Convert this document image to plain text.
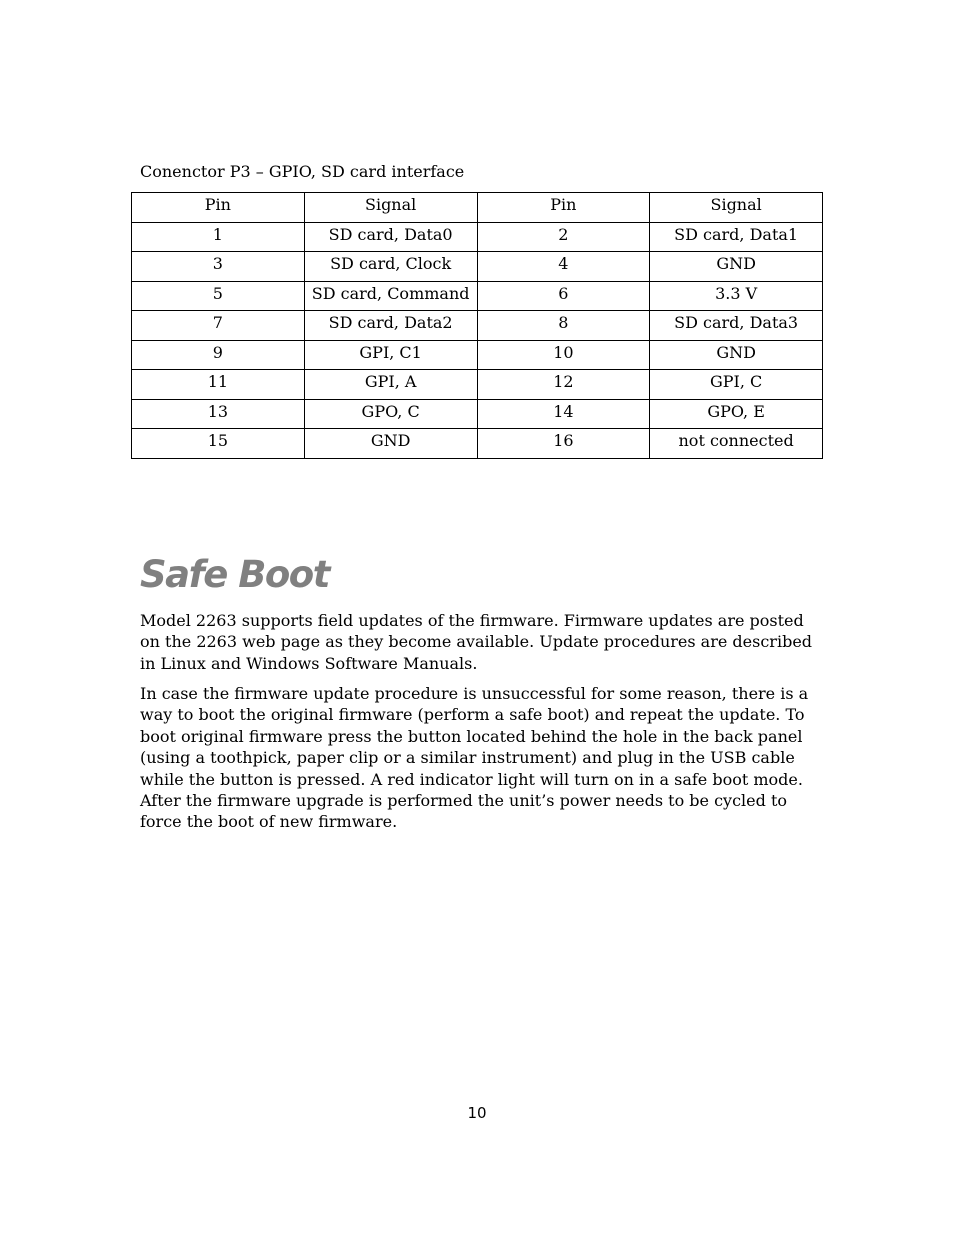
Conenctor P3 – GPIO, SD card interface
Pin	Signal	Pin	Signal

1	SD card, Data0	2	SD card, Data1

3	SD card, Clock	4	GND

5	SD card, Command	6	3.3 V

7	SD card, Data2	8	SD card, Data3

9	GPI, C1	10	GND

11	GPI, A	12	GPI, C

13	GPO, C	14	GPO, E

15	GND	16	not connected
Safe Boot

Model 2263 supports field updates of the firmware. Firmware updates are posted on the 2263 web page as they become available. Update procedures are described in Linux and Windows Software Manuals.

In case the firmware update procedure is unsuccessful for some reason, there is a way to boot the original firmware (perform a safe boot) and repeat the update. To boot original firmware press the button located behind the hole in the back panel (using a toothpick, paper clip or a similar instrument) and plug in the USB cable while the button is pressed. A red indicator light will turn on in a safe boot mode. After the firmware upgrade is performed the unit’s power needs to be cycled to force the boot of new firmware.

10
